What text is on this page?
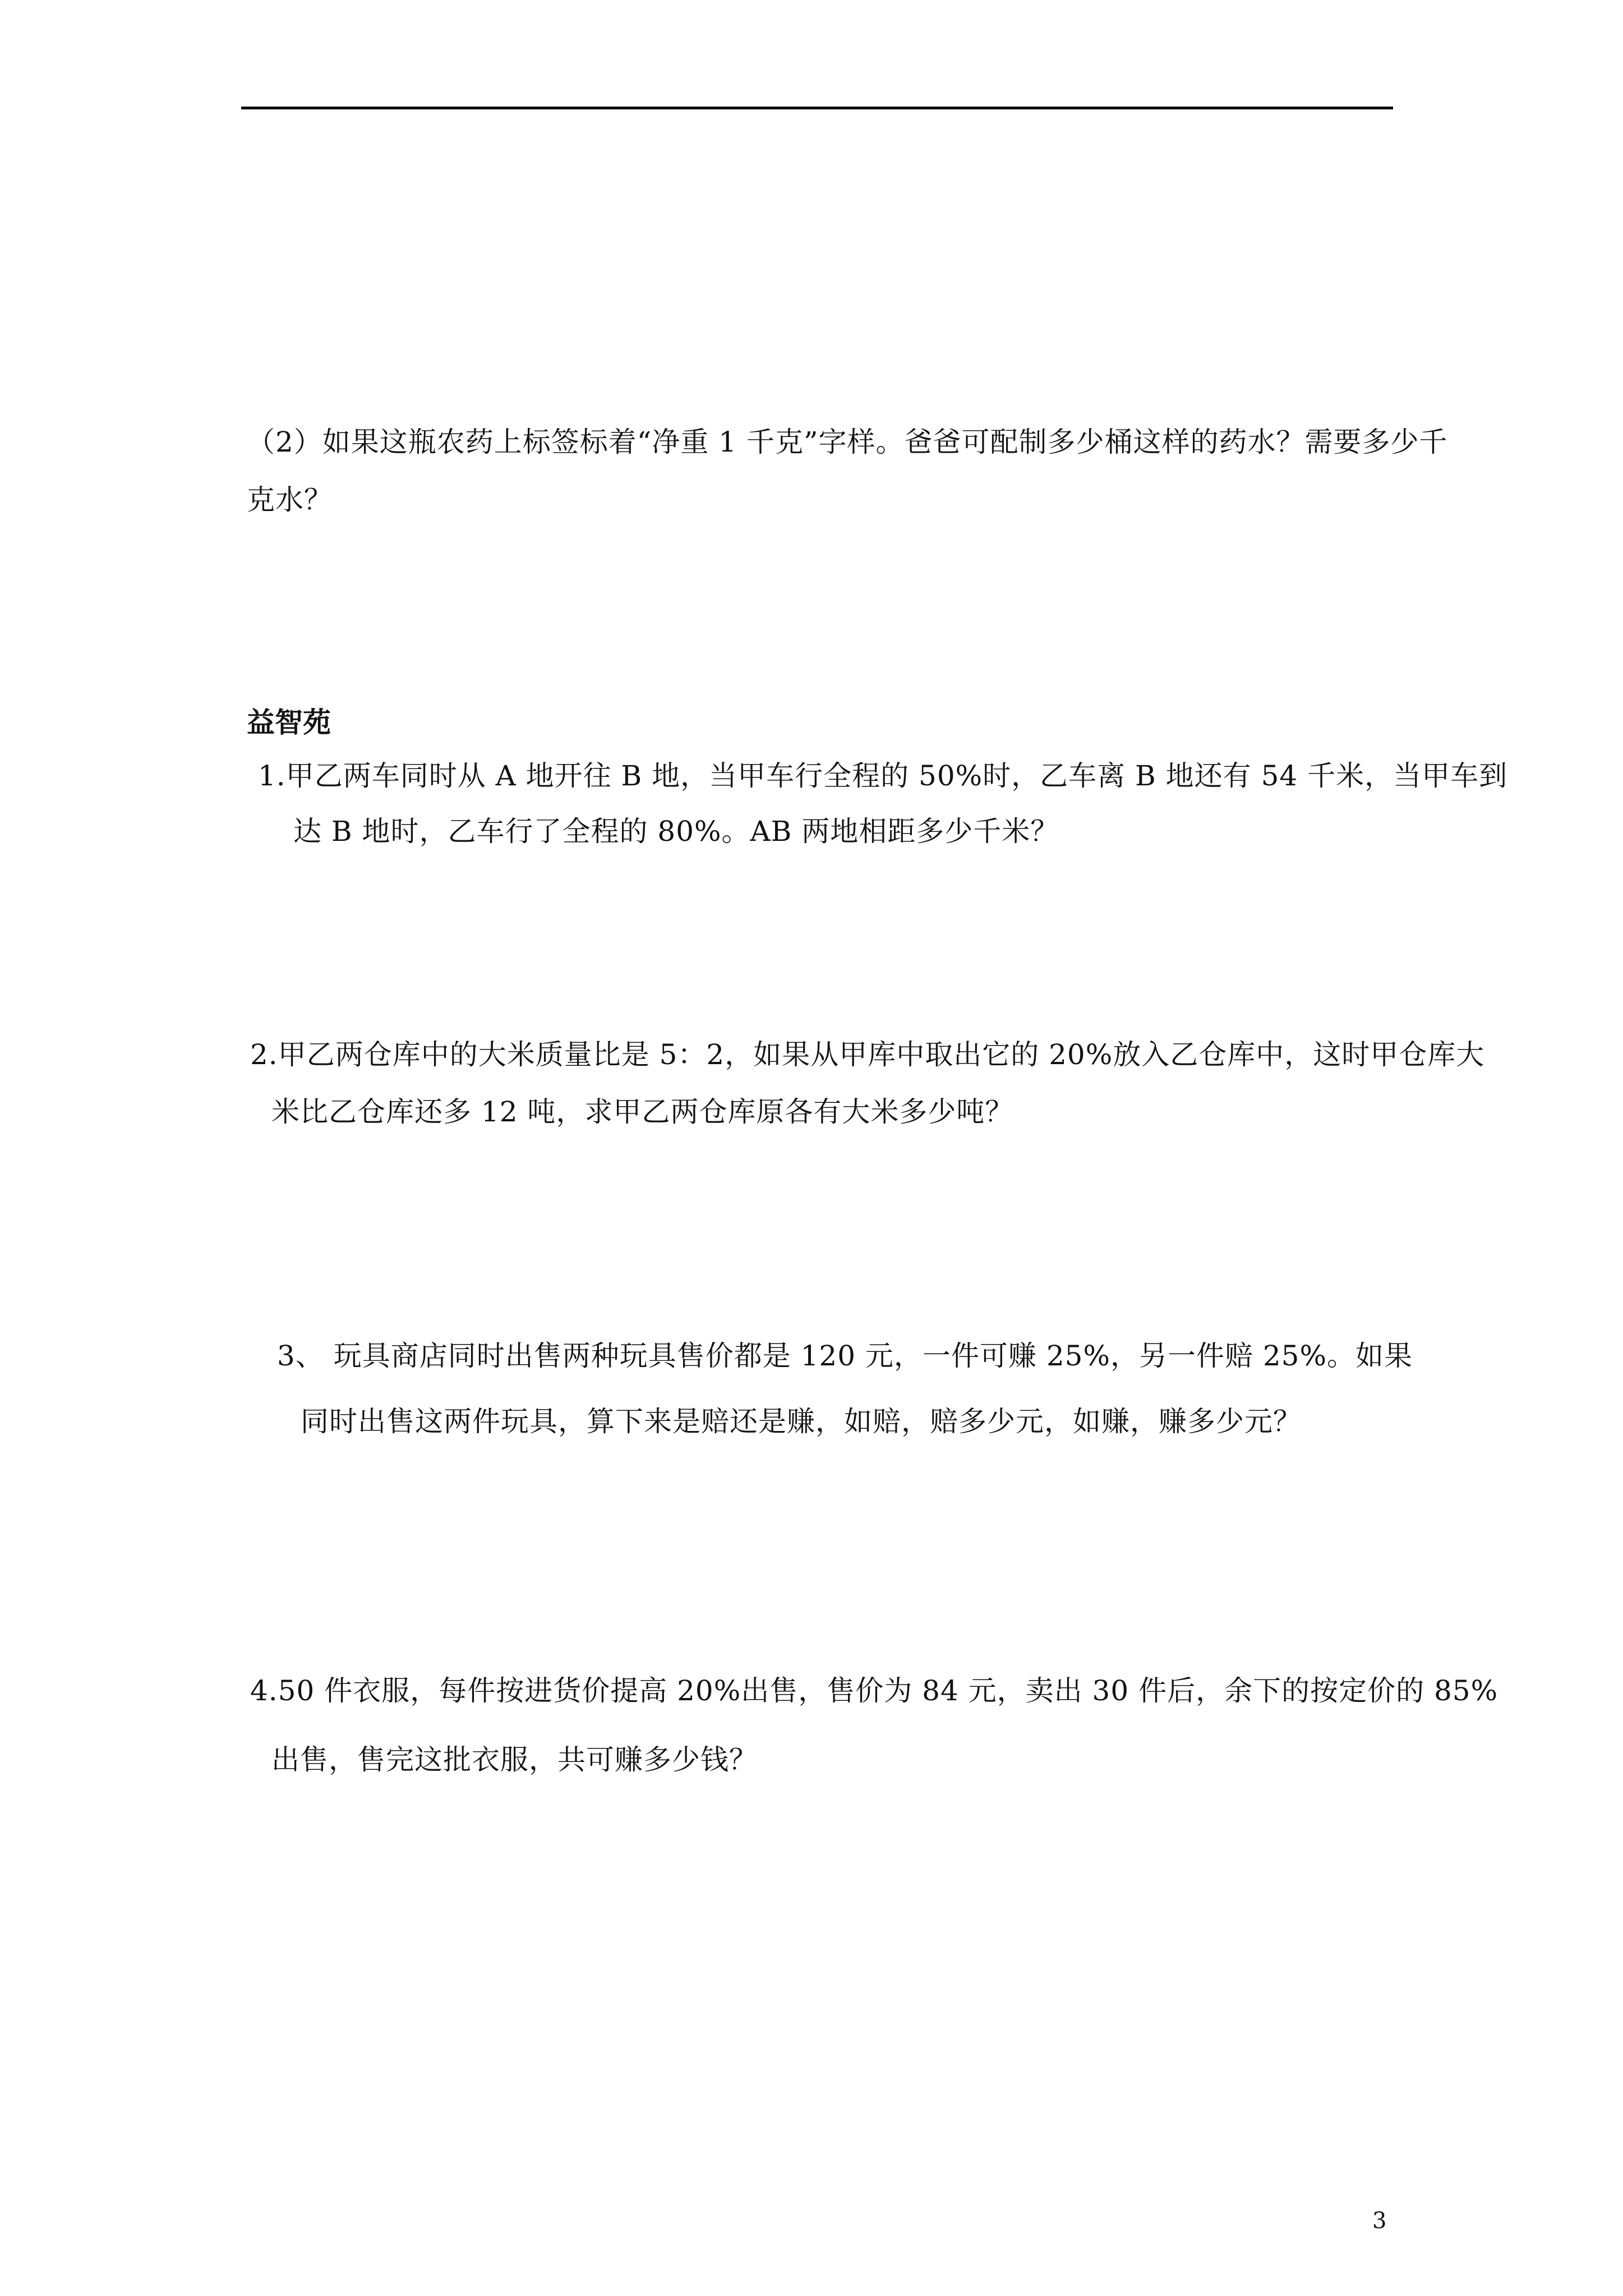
（2）如果这瓶农药上标签标着“净重 1 千克”字样。爸爸可配制多少桶这样的药水？需要多少千
克水？
益智苑
1.甲乙两车同时从 A 地开往 B 地，当甲车行全程的 50%时，乙车离 B 地还有 54 千米，当甲车到
达 B 地时，乙车行了全程的 80%。AB 两地相距多少千米？
2.甲乙两仓库中的大米质量比是 5：2，如果从甲库中取出它的 20%放入乙仓库中，这时甲仓库大
米比乙仓库还多 12 吨，求甲乙两仓库原各有大米多少吨？
3、 玩具商店同时出售两种玩具售价都是 120 元，一件可赚 25%，另一件赔 25%。如果
同时出售这两件玩具，算下来是赔还是赚，如赔，赔多少元，如赚，赚多少元？
4.50 件衣服，每件按进货价提高 20%出售，售价为 84 元，卖出 30 件后，余下的按定价的 85%
出售，售完这批衣服，共可赚多少钱？
3
